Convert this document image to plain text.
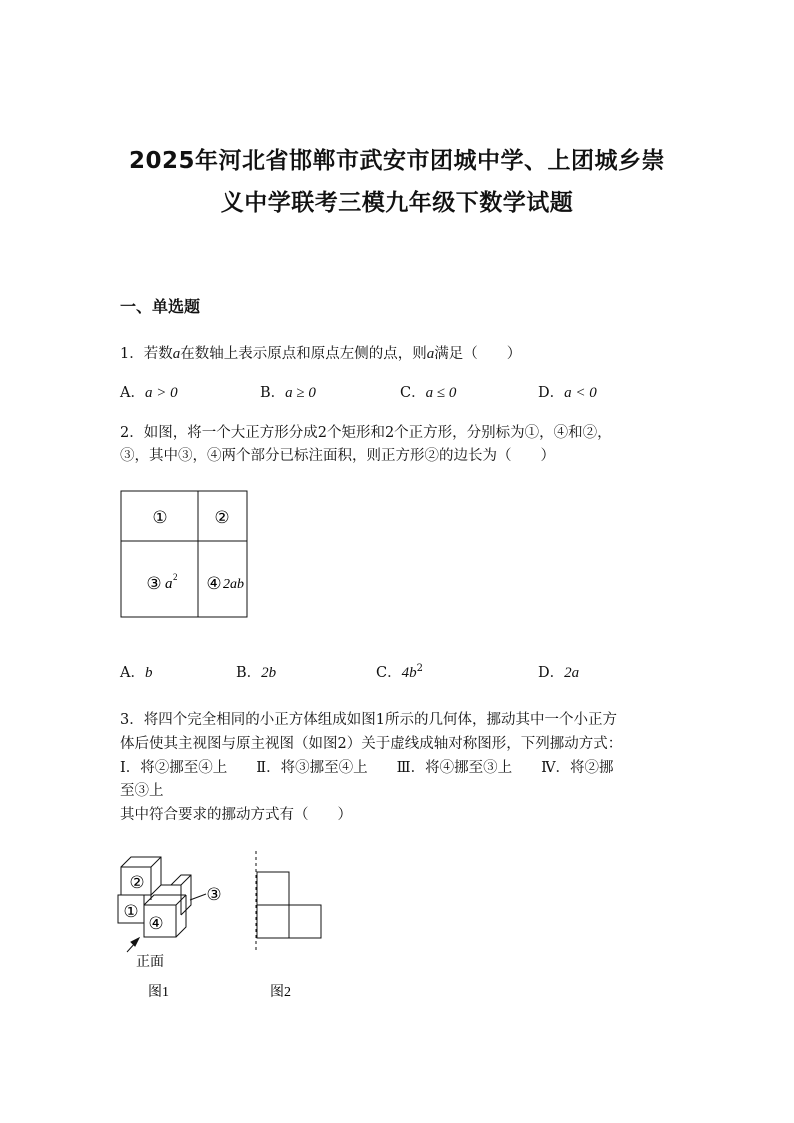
2025年河北省邯郸市武安市团城中学、上团城乡崇
义中学联考三模九年级下数学试题
一、单选题
1．若数a在数轴上表示原点和原点左侧的点，则a满足（　　）
A．a > 0	B．a ≥ 0	C．a ≤ 0	D．a < 0
2．如图，将一个大正方形分成2个矩形和2个正方形，分别标为①，④和②，
③，其中③，④两个部分已标注面积，则正方形②的边长为（　　）
①	②
③ a 2 ④ 2ab
②
①
③
④
正面
图1	图2
A．b	B．2b	C．$4b^2$	D．2a
3．将四个完全相同的小正方体组成如图1所示的几何体，挪动其中一个小正方
体后使其主视图与原主视图（如图2）关于虚线成轴对称图形，下列挪动方式：
Ⅰ．将②挪至④上　　Ⅱ．将③挪至④上　　Ⅲ．将④挪至③上　　Ⅳ．将②挪
至③上
其中符合要求的挪动方式有（　　）
